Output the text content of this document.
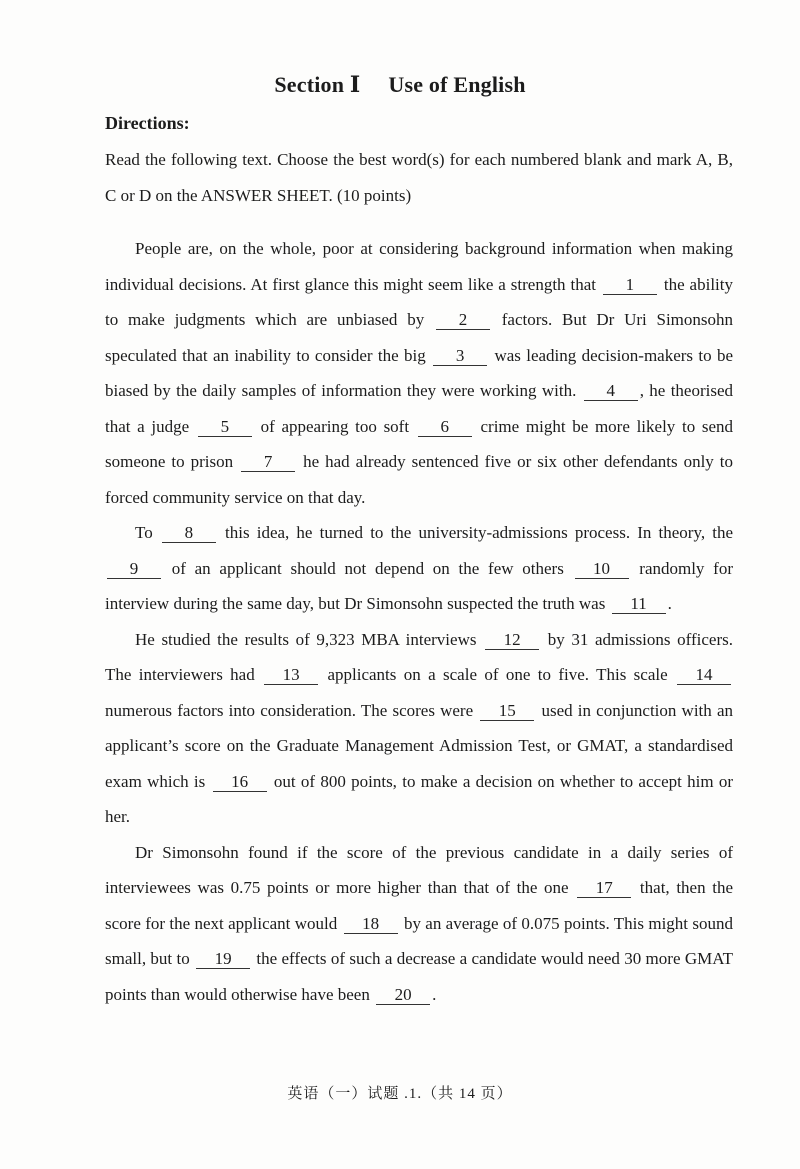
Section Ⅰ Use of English
Directions:

Read the following text. Choose the best word(s) for each numbered blank and mark A, B, C or D on the ANSWER SHEET. (10 points)

People are, on the whole, poor at considering background information when making individual decisions. At first glance this might seem like a strength that 1 the ability to make judgments which are unbiased by 2 factors. But Dr Uri Simonsohn speculated that an inability to consider the big 3 was leading decision-makers to be biased by the daily samples of information they were working with. 4 , he theorised that a judge 5 of appearing too soft 6 crime might be more likely to send someone to prison 7 he had already sentenced five or six other defendants only to forced community service on that day.

To 8 this idea, he turned to the university-admissions process. In theory, the 9 of an applicant should not depend on the few others 10 randomly for interview during the same day, but Dr Simonsohn suspected the truth was 11 .

He studied the results of 9,323 MBA interviews 12 by 31 admissions officers. The interviewers had 13 applicants on a scale of one to five. This scale 14 numerous factors into consideration. The scores were 15 used in conjunction with an applicant’s score on the Graduate Management Admission Test, or GMAT, a standardised exam which is 16 out of 800 points, to make a decision on whether to accept him or her.

Dr Simonsohn found if the score of the previous candidate in a daily series of interviewees was 0.75 points or more higher than that of the one 17 that, then the score for the next applicant would 18 by an average of 0.075 points. This might sound small, but to 19 the effects of such a decrease a candidate would need 30 more GMAT points than would otherwise have been 20 .

英语（一）试题 .1.（共 14 页）
